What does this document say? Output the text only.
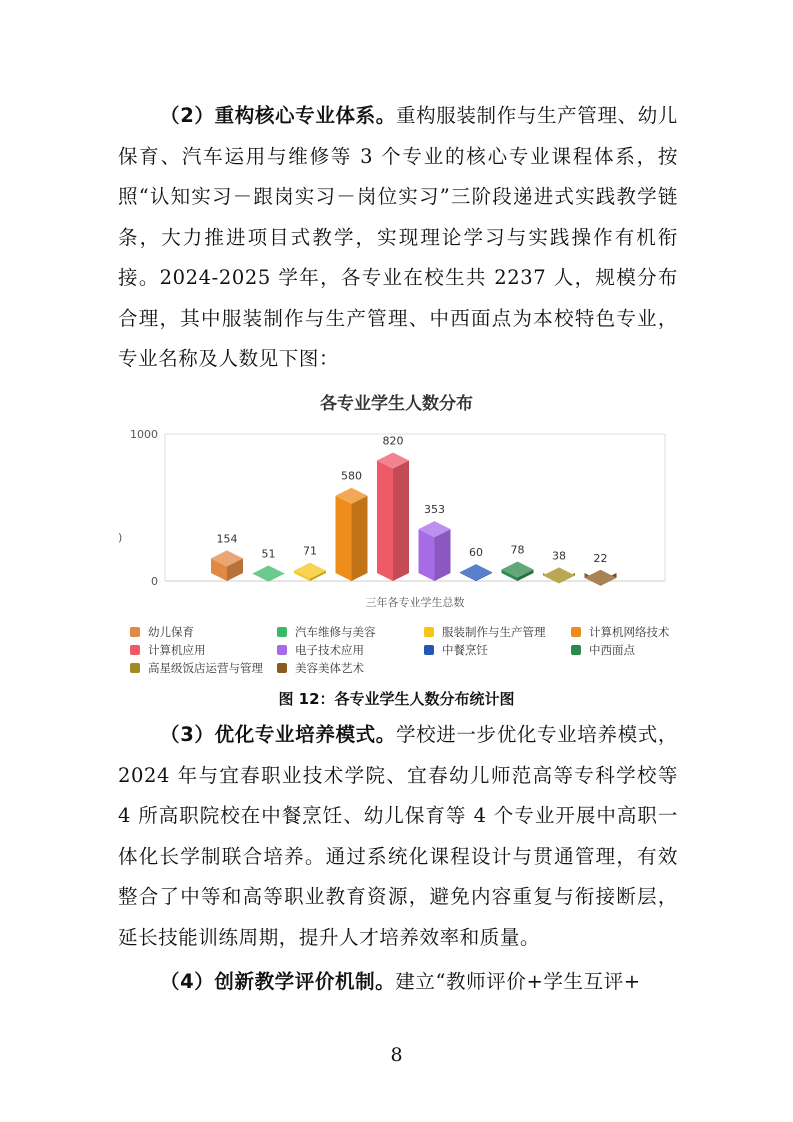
（2）重构核心专业体系。重构服装制作与生产管理、幼儿保育、汽车运用与维修等 3 个专业的核心专业课程体系，按照“认知实习－跟岗实习－岗位实习”三阶段递进式实践教学链条，大力推进项目式教学，实现理论学习与实践操作有机衔接。2024-2025 学年，各专业在校生共 2237 人，规模分布合理，其中服装制作与生产管理、中西面点为本校特色专业，专业名称及人数见下图：
各专业学生人数分布
0
1000
154
51	71
580
820
353
60	78	38	22
)
三年各专业学生总数
幼儿保育	汽车维修与美容	服装制作与生产管理	计算机网络技术
计算机应用	电子技术应用	中餐烹饪	中西面点
高星级饭店运营与管理	美容美体艺术
图 12：各专业学生人数分布统计图
（3）优化专业培养模式。学校进一步优化专业培养模式，2024 年与宜春职业技术学院、宜春幼儿师范高等专科学校等 4 所高职院校在中餐烹饪、幼儿保育等 4 个专业开展中高职一体化长学制联合培养。通过系统化课程设计与贯通管理，有效整合了中等和高等职业教育资源，避免内容重复与衔接断层，延长技能训练周期，提升人才培养效率和质量。
（4）创新教学评价机制。建立“教师评价+学生互评+
8
